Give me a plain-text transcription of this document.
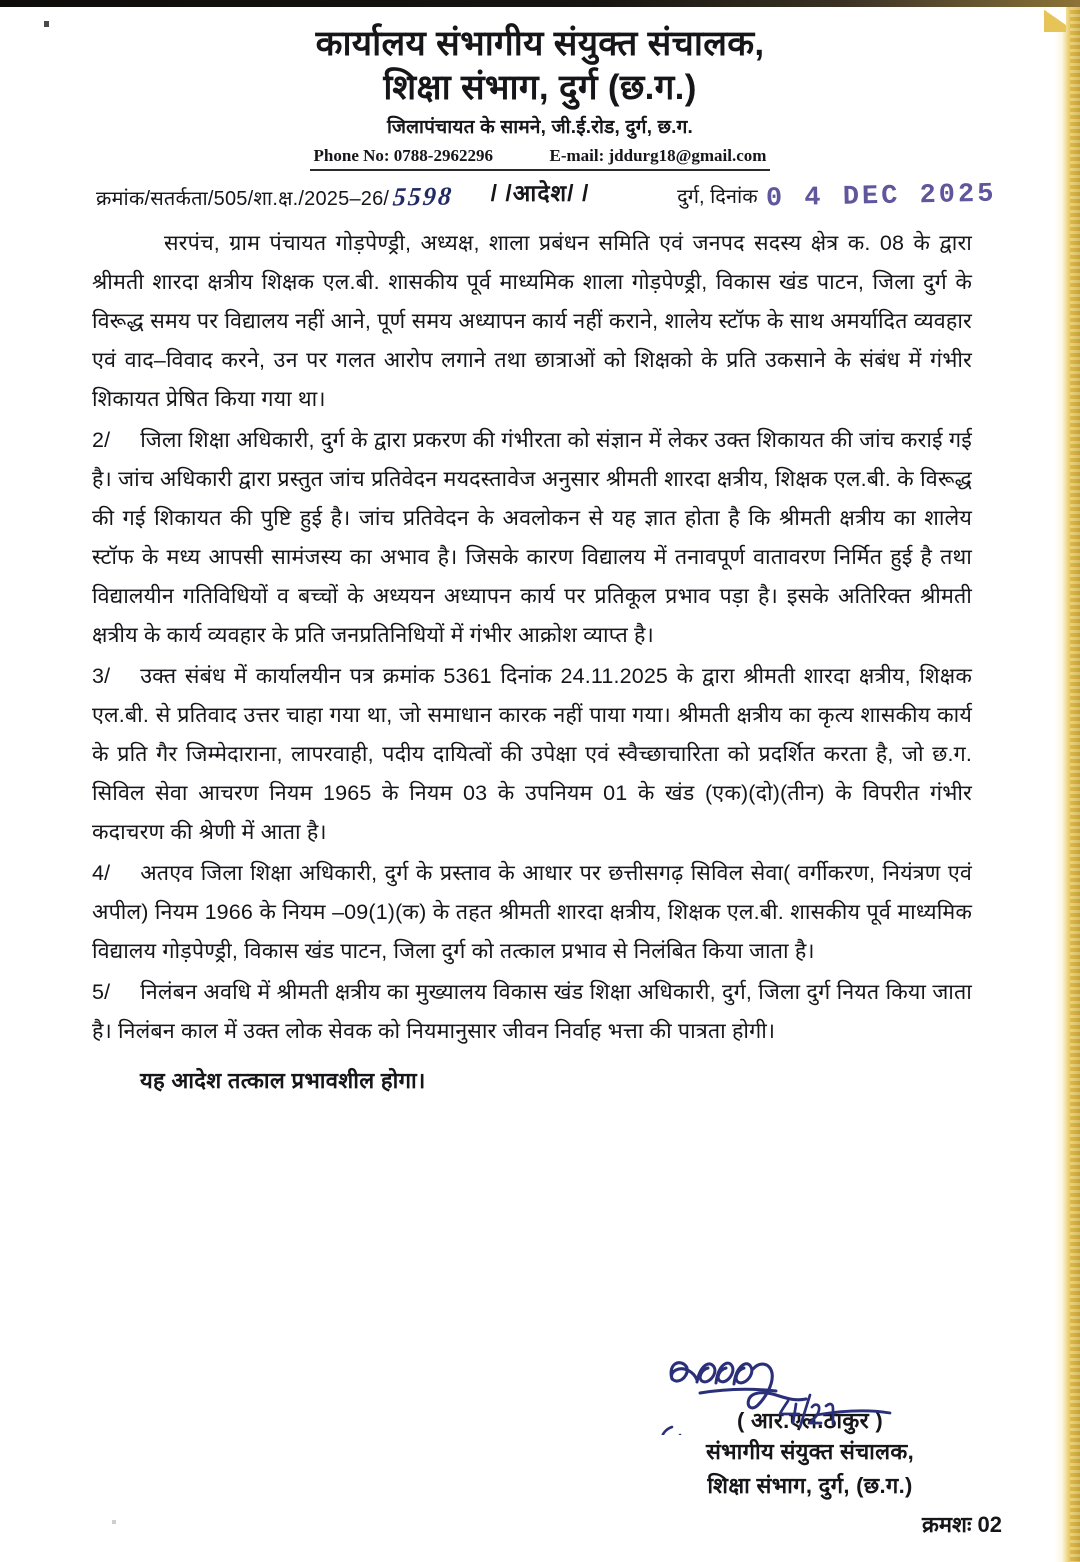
कार्यालय संभागीय संयुक्त संचालक,
शिक्षा संभाग, दुर्ग (छ.ग.)
जिलापंचायत के सामने, जी.ई.रोड, दुर्ग, छ.ग.
Phone No: 0788-2962296	E-mail: jddurg18@gmail.com
/ /आदेश/ /
क्रमांक/सतर्कता/505/शा.क्ष./2025–26/ 5598	दुर्ग, दिनांक 0 4 DEC 2025

सरपंच, ग्राम पंचायत गोड़पेण्ड्री, अध्यक्ष, शाला प्रबंधन समिति एवं जनपद सदस्य क्षेत्र क. 08 के द्वारा श्रीमती शारदा क्षत्रीय शिक्षक एल.बी. शासकीय पूर्व माध्यमिक शाला गोड़पेण्ड्री, विकास खंड पाटन, जिला दुर्ग के विरूद्ध समय पर विद्यालय नहीं आने, पूर्ण समय अध्यापन कार्य नहीं कराने, शालेय स्टॉफ के साथ अमर्यादित व्यवहार एवं वाद–विवाद करने, उन पर गलत आरोप लगाने तथा छात्राओं को शिक्षको के प्रति उकसाने के संबंध में गंभीर शिकायत प्रेषित किया गया था।

2/ जिला शिक्षा अधिकारी, दुर्ग के द्वारा प्रकरण की गंभीरता को संज्ञान में लेकर उक्त शिकायत की जांच कराई गई है। जांच अधिकारी द्वारा प्रस्तुत जांच प्रतिवेदन मयदस्तावेज अनुसार श्रीमती शारदा क्षत्रीय, शिक्षक एल.बी. के विरूद्ध की गई शिकायत की पुष्टि हुई है। जांच प्रतिवेदन के अवलोकन से यह ज्ञात होता है कि श्रीमती क्षत्रीय का शालेय स्टॉफ के मध्य आपसी सामंजस्य का अभाव है। जिसके कारण विद्यालय में तनावपूर्ण वातावरण निर्मित हुई है तथा विद्यालयीन गतिविधियों व बच्चों के अध्ययन अध्यापन कार्य पर प्रतिकूल प्रभाव पड़ा है। इसके अतिरिक्त श्रीमती क्षत्रीय के कार्य व्यवहार के प्रति जनप्रतिनिधियों में गंभीर आक्रोश व्याप्त है।

3/ उक्त संबंध में कार्यालयीन पत्र क्रमांक 5361 दिनांक 24.11.2025 के द्वारा श्रीमती शारदा क्षत्रीय, शिक्षक एल.बी. से प्रतिवाद उत्तर चाहा गया था, जो समाधान कारक नहीं पाया गया। श्रीमती क्षत्रीय का कृत्य शासकीय कार्य के प्रति गैर जिम्मेदाराना, लापरवाही, पदीय दायित्वों की उपेक्षा एवं स्वैच्छाचारिता को प्रदर्शित करता है, जो छ.ग. सिविल सेवा आचरण नियम 1965 के नियम 03 के उपनियम 01 के खंड (एक)(दो)(तीन) के विपरीत गंभीर कदाचरण की श्रेणी में आता है।

4/ अतएव जिला शिक्षा अधिकारी, दुर्ग के प्रस्ताव के आधार पर छत्तीसगढ़ सिविल सेवा( वर्गीकरण, नियंत्रण एवं अपील) नियम 1966 के नियम –09(1)(क) के तहत श्रीमती शारदा क्षत्रीय, शिक्षक एल.बी. शासकीय पूर्व माध्यमिक विद्यालय गोड़पेण्ड्री, विकास खंड पाटन, जिला दुर्ग को तत्काल प्रभाव से निलंबित किया जाता है।

5/ निलंबन अवधि में श्रीमती क्षत्रीय का मुख्यालय विकास खंड शिक्षा अधिकारी, दुर्ग, जिला दुर्ग नियत किया जाता है। निलंबन काल में उक्त लोक सेवक को नियमानुसार जीवन निर्वाह भत्ता की पात्रता होगी।

यह आदेश तत्काल प्रभावशील होगा।
( आर.एल.ठाकुर )
संभागीय संयुक्त संचालक,
शिक्षा संभाग, दुर्ग, (छ.ग.)
क्रमशः 02
